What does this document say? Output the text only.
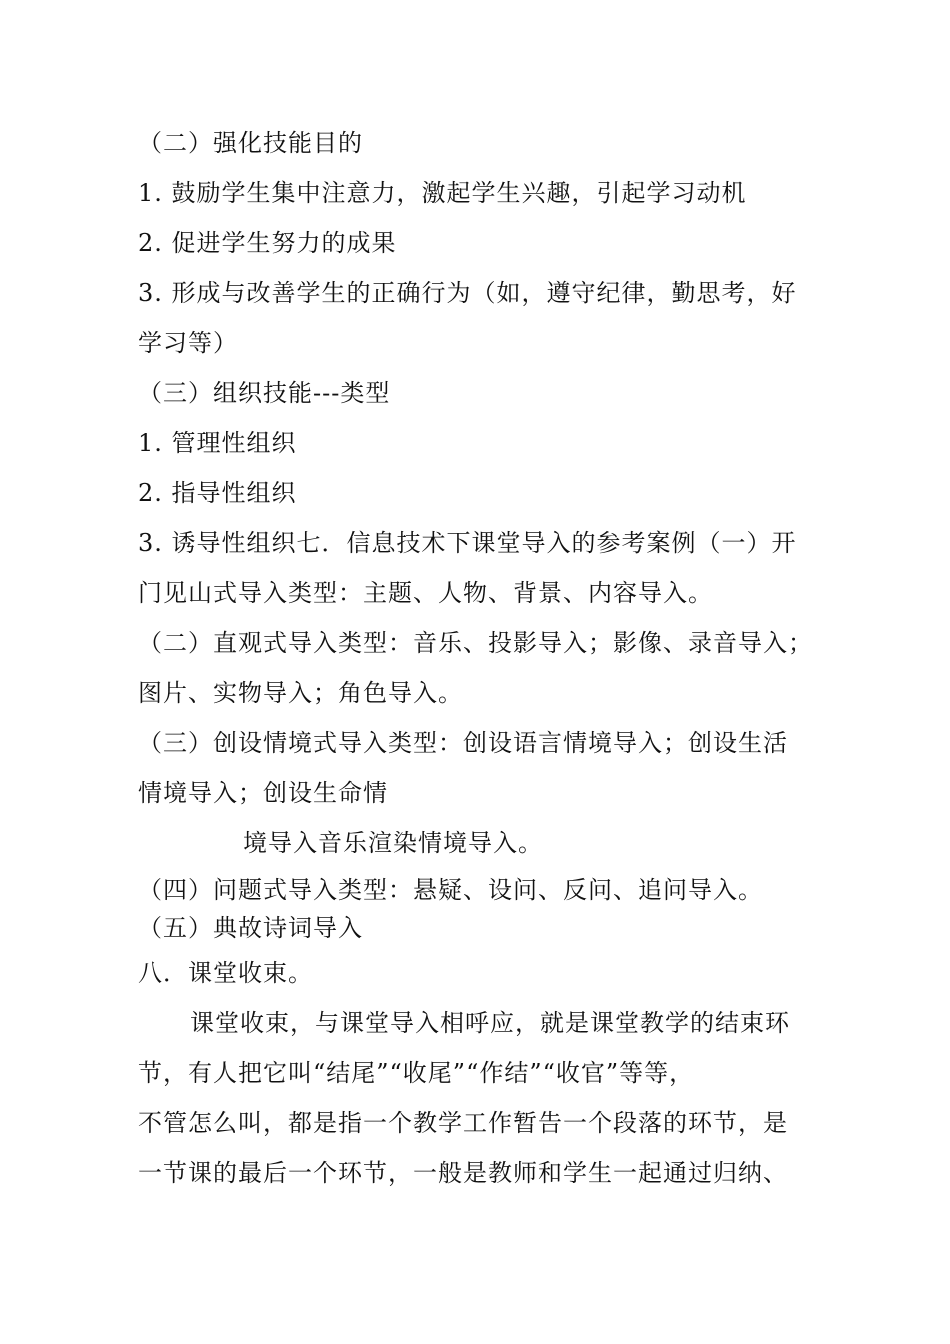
（二）强化技能目的
1. 鼓励学生集中注意力，激起学生兴趣，引起学习动机
2. 促进学生努力的成果
3. 形成与改善学生的正确行为（如，遵守纪律，勤思考，好
学习等）
（三）组织技能---类型
1. 管理性组织
2. 指导性组织
3. 诱导性组织七．信息技术下课堂导入的参考案例（一）开
门见山式导入类型：主题、人物、背景、内容导入。
（二）直观式导入类型：音乐、投影导入；影像、录音导入；
图片、实物导入；角色导入。
（三）创设情境式导入类型：创设语言情境导入；创设生活
情境导入；创设生命情
境导入音乐渲染情境导入。
（四）问题式导入类型：悬疑、设问、反问、追问导入。
（五）典故诗词导入
八．课堂收束。
课堂收束，与课堂导入相呼应，就是课堂教学的结束环
节，有人把它叫“结尾”“收尾”“作结”“收官”等等，
不管怎么叫，都是指一个教学工作暂告一个段落的环节，是
一节课的最后一个环节，一般是教师和学生一起通过归纳、
